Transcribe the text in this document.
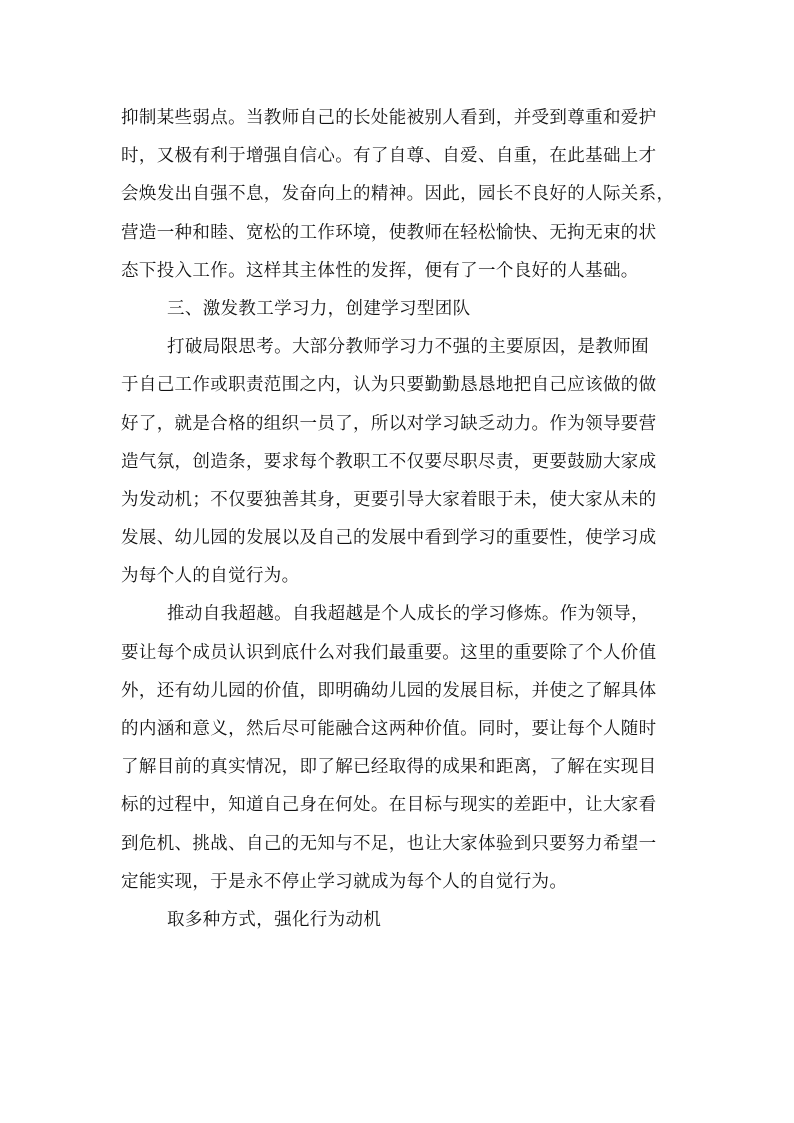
抑制某些弱点。当教师自己的长处能被别人看到，并受到尊重和爱护
时，又极有利于增强自信心。有了自尊、自爱、自重，在此基础上才
会焕发出自强不息，发奋向上的精神。因此，园长不良好的人际关系，
营造一种和睦、宽松的工作环境，使教师在轻松愉快、无拘无束的状
态下投入工作。这样其主体性的发挥，便有了一个良好的人基础。
三、激发教工学习力，创建学习型团队
打破局限思考。大部分教师学习力不强的主要原因，是教师囿
于自己工作或职责范围之内，认为只要勤勤恳恳地把自己应该做的做
好了，就是合格的组织一员了，所以对学习缺乏动力。作为领导要营
造气氛，创造条，要求每个教职工不仅要尽职尽责，更要鼓励大家成
为发动机；不仅要独善其身，更要引导大家着眼于未，使大家从未的
发展、幼儿园的发展以及自己的发展中看到学习的重要性，使学习成
为每个人的自觉行为。
推动自我超越。自我超越是个人成长的学习修炼。作为领导，
要让每个成员认识到底什么对我们最重要。这里的重要除了个人价值
外，还有幼儿园的价值，即明确幼儿园的发展目标，并使之了解具体
的内涵和意义，然后尽可能融合这两种价值。同时，要让每个人随时
了解目前的真实情况，即了解已经取得的成果和距离，了解在实现目
标的过程中，知道自己身在何处。在目标与现实的差距中，让大家看
到危机、挑战、自己的无知与不足，也让大家体验到只要努力希望一
定能实现，于是永不停止学习就成为每个人的自觉行为。
取多种方式，强化行为动机
